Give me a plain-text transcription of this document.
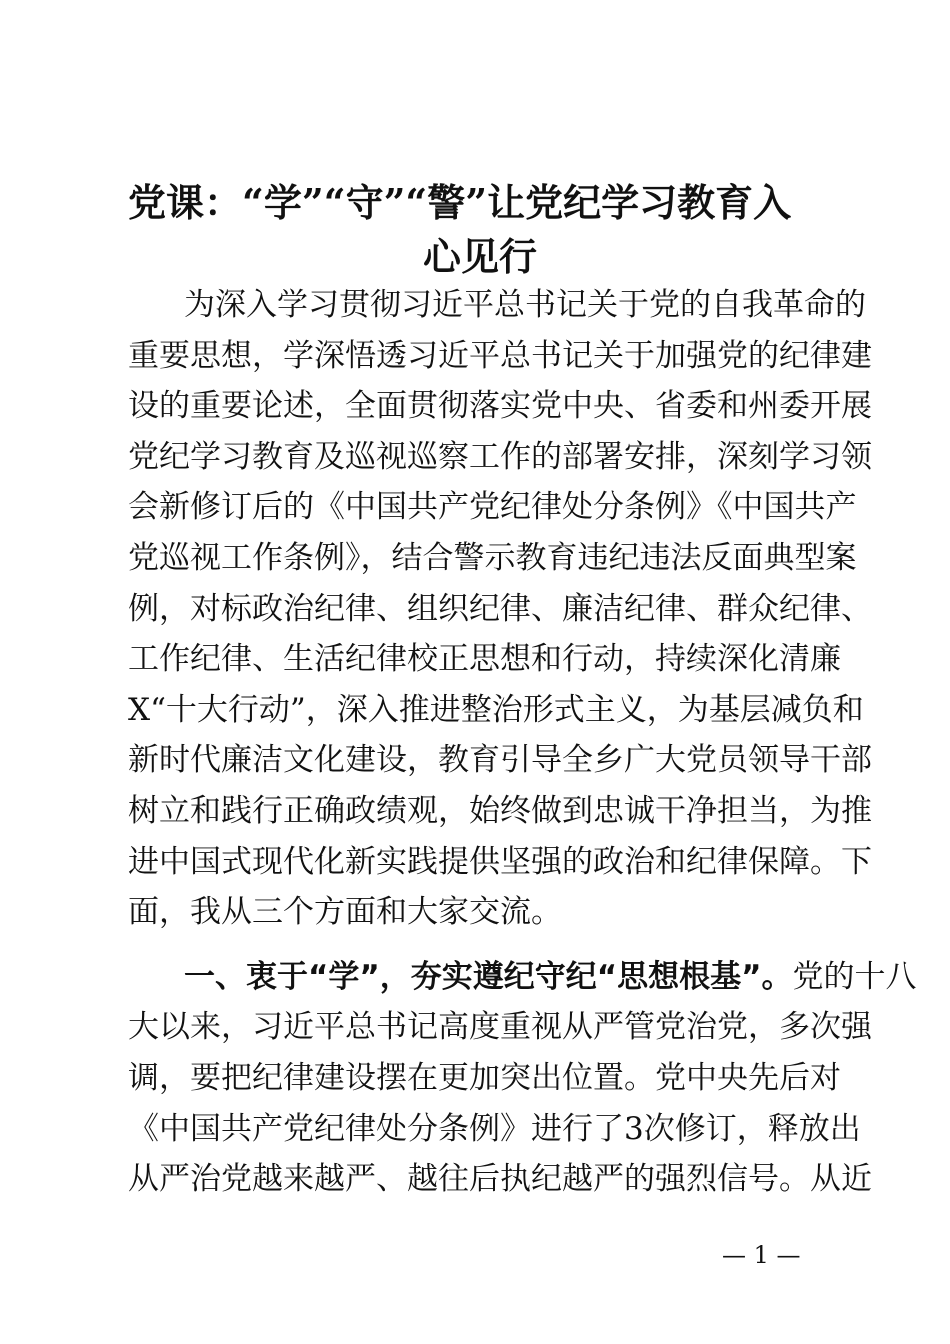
党课：“学”“守”“警”让党纪学习教育入
心见行
为深入学习贯彻习近平总书记关于党的自我革命的
重要思想，学深悟透习近平总书记关于加强党的纪律建
设的重要论述，全面贯彻落实党中央、省委和州委开展
党纪学习教育及巡视巡察工作的部署安排，深刻学习领
会新修订后的《中国共产党纪律处分条例》《中国共产
党巡视工作条例》，结合警示教育违纪违法反面典型案
例，对标政治纪律、组织纪律、廉洁纪律、群众纪律、
工作纪律、生活纪律校正思想和行动，持续深化清廉
X“十大行动”，深入推进整治形式主义，为基层减负和
新时代廉洁文化建设，教育引导全乡广大党员领导干部
树立和践行正确政绩观，始终做到忠诚干净担当，为推
进中国式现代化新实践提供坚强的政治和纪律保障。下
面，我从三个方面和大家交流。
一、衷于“学”，夯实遵纪守纪“思想根基”。党的十八
大以来，习近平总书记高度重视从严管党治党，多次强
调，要把纪律建设摆在更加突出位置。党中央先后对
《中国共产党纪律处分条例》进行了3次修订，释放出
从严治党越来越严、越往后执纪越严的强烈信号。从近
— 1 —
